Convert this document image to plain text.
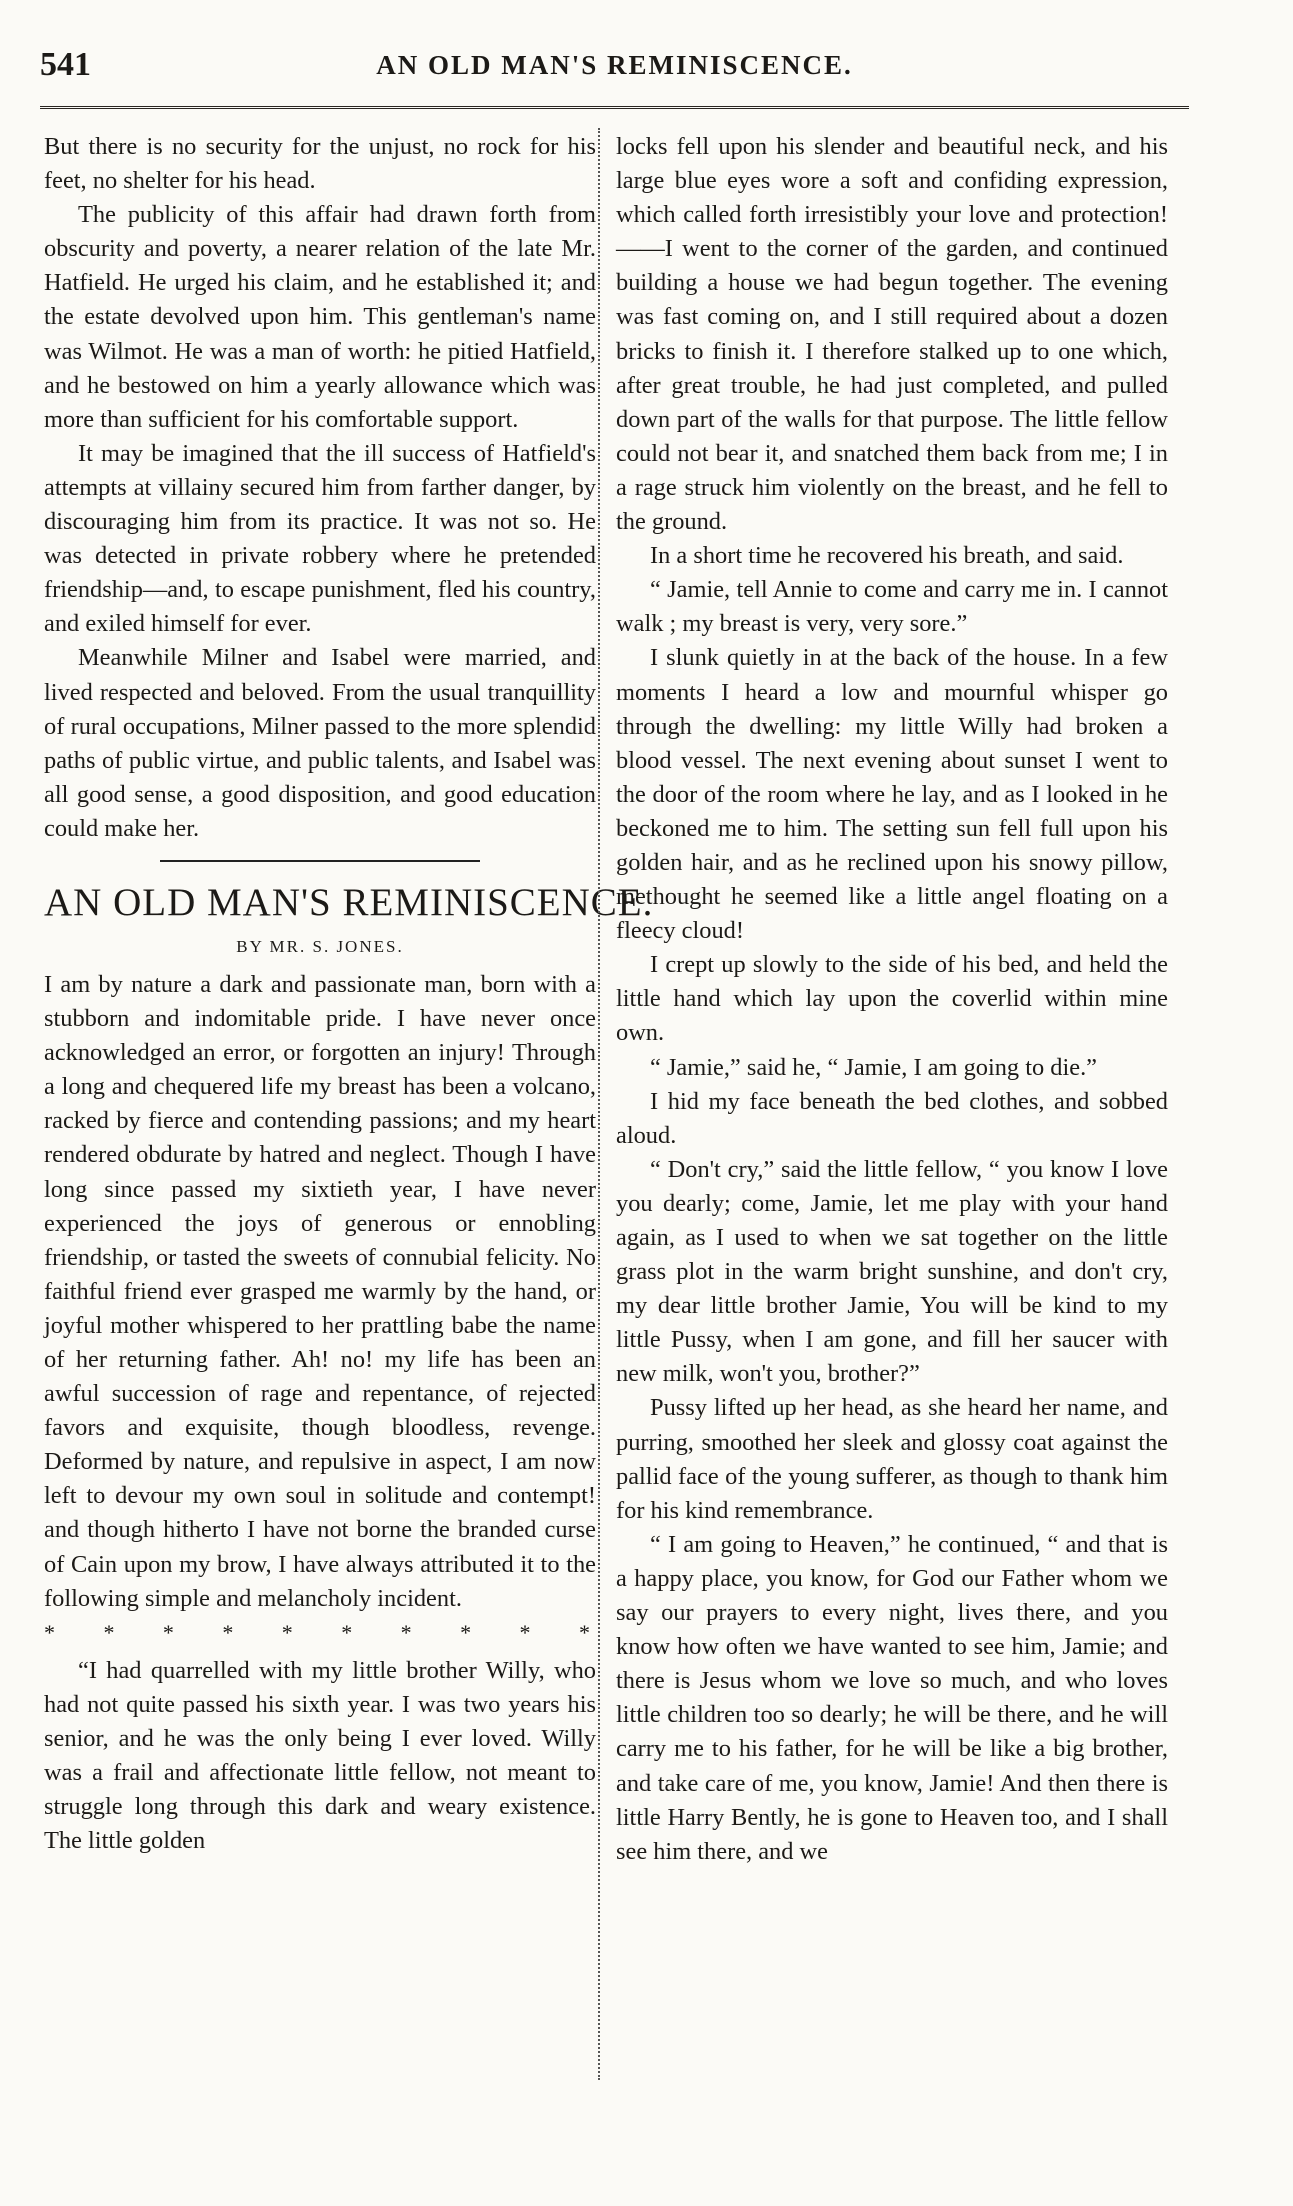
541	AN OLD MAN'S REMINISCENCE.

But there is no security for the unjust, no rock for his feet, no shelter for his head.

The publicity of this affair had drawn forth from obscurity and poverty, a nearer relation of the late Mr. Hatfield. He urged his claim, and he established it; and the estate devolved upon him. This gentleman's name was Wilmot. He was a man of worth: he pitied Hatfield, and he bestowed on him a yearly allowance which was more than sufficient for his comfortable support.

It may be imagined that the ill success of Hatfield's attempts at villainy secured him from farther danger, by discouraging him from its practice. It was not so. He was detected in private robbery where he pretended friendship—and, to escape punishment, fled his country, and exiled himself for ever.

Meanwhile Milner and Isabel were married, and lived respected and beloved. From the usual tranquillity of rural occupations, Milner passed to the more splendid paths of public virtue, and public talents, and Isabel was all good sense, a good disposition, and good education could make her.

AN OLD MAN'S REMINISCENCE.
BY MR. S. JONES.

I am by nature a dark and passionate man, born with a stubborn and indomitable pride. I have never once acknowledged an error, or forgotten an injury! Through a long and chequered life my breast has been a volcano, racked by fierce and contending passions; and my heart rendered obdurate by hatred and neglect. Though I have long since passed my sixtieth year, I have never experienced the joys of generous or ennobling friendship, or tasted the sweets of connubial felicity. No faithful friend ever grasped me warmly by the hand, or joyful mother whispered to her prattling babe the name of her returning father. Ah! no! my life has been an awful succession of rage and repentance, of rejected favors and exquisite, though bloodless, revenge. Deformed by nature, and repulsive in aspect, I am now left to devour my own soul in solitude and contempt! and though hitherto I have not borne the branded curse of Cain upon my brow, I have always attributed it to the following simple and melancholy incident.

* * * * * * * * * *

“I had quarrelled with my little brother Willy, who had not quite passed his sixth year. I was two years his senior, and he was the only being I ever loved. Willy was a frail and affectionate little fellow, not meant to struggle long through this dark and weary existence. The little golden

locks fell upon his slender and beautiful neck, and his large blue eyes wore a soft and confiding expression, which called forth irresistibly your love and protection!——I went to the corner of the garden, and continued building a house we had begun together. The evening was fast coming on, and I still required about a dozen bricks to finish it. I therefore stalked up to one which, after great trouble, he had just completed, and pulled down part of the walls for that purpose. The little fellow could not bear it, and snatched them back from me; I in a rage struck him violently on the breast, and he fell to the ground.

In a short time he recovered his breath, and said.

“ Jamie, tell Annie to come and carry me in. I cannot walk ; my breast is very, very sore.”

I slunk quietly in at the back of the house. In a few moments I heard a low and mournful whisper go through the dwelling: my little Willy had broken a blood vessel. The next evening about sunset I went to the door of the room where he lay, and as I looked in he beckoned me to him. The setting sun fell full upon his golden hair, and as he reclined upon his snowy pillow, methought he seemed like a little angel floating on a fleecy cloud!

I crept up slowly to the side of his bed, and held the little hand which lay upon the coverlid within mine own.

“ Jamie,” said he, “ Jamie, I am going to die.”

I hid my face beneath the bed clothes, and sobbed aloud.

“ Don't cry,” said the little fellow, “ you know I love you dearly; come, Jamie, let me play with your hand again, as I used to when we sat together on the little grass plot in the warm bright sunshine, and don't cry, my dear little brother Jamie, You will be kind to my little Pussy, when I am gone, and fill her saucer with new milk, won't you, brother?”

Pussy lifted up her head, as she heard her name, and purring, smoothed her sleek and glossy coat against the pallid face of the young sufferer, as though to thank him for his kind remembrance.

“ I am going to Heaven,” he continued, “ and that is a happy place, you know, for God our Father whom we say our prayers to every night, lives there, and you know how often we have wanted to see him, Jamie; and there is Jesus whom we love so much, and who loves little children too so dearly; he will be there, and he will carry me to his father, for he will be like a big brother, and take care of me, you know, Jamie! And then there is little Harry Bently, he is gone to Heaven too, and I shall see him there, and we
